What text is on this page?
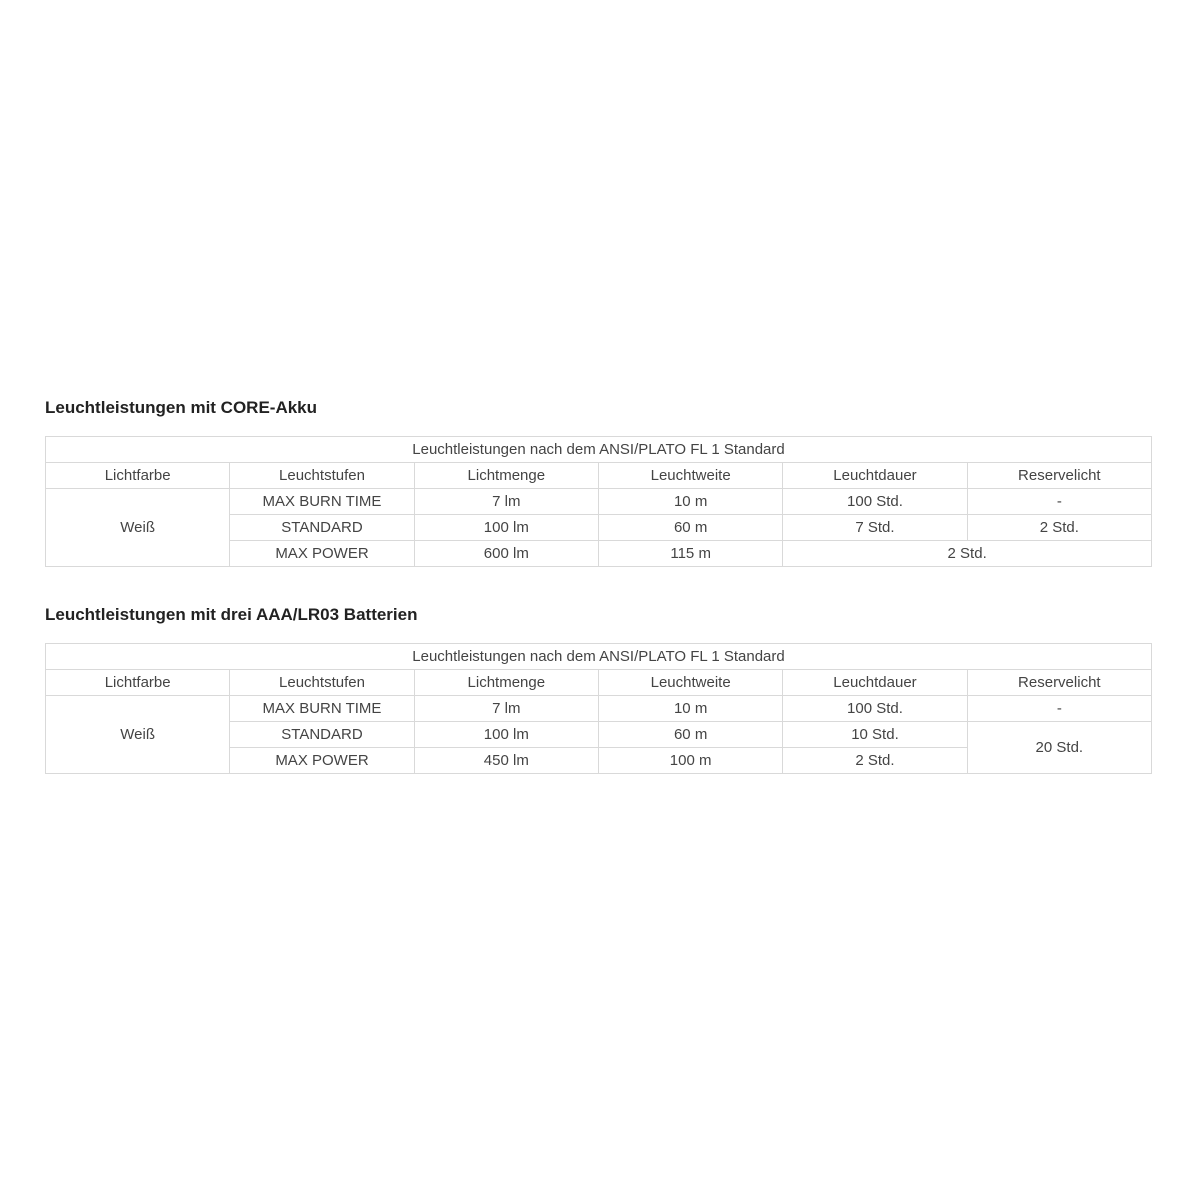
Leuchtleistungen mit CORE-Akku
Leuchtleistungen nach dem ANSI/PLATO FL 1 Standard					
Lichtfarbe	Leuchtstufen	Lichtmenge	Leuchtweite	Leuchtdauer	Reservelicht
Weiß	MAX BURN TIME	7 lm	10 m	100 Std.	-
	STANDARD	100 lm	60 m	7 Std.	2 Std.
	MAX POWER	600 lm	115 m	2 Std.	
Leuchtleistungen mit drei AAA/LR03 Batterien
Leuchtleistungen nach dem ANSI/PLATO FL 1 Standard					
Lichtfarbe	Leuchtstufen	Lichtmenge	Leuchtweite	Leuchtdauer	Reservelicht
Weiß	MAX BURN TIME	7 lm	10 m	100 Std.	-
	STANDARD	100 lm	60 m	10 Std.	20 Std.
	MAX POWER	450 lm	100 m	2 Std.	
